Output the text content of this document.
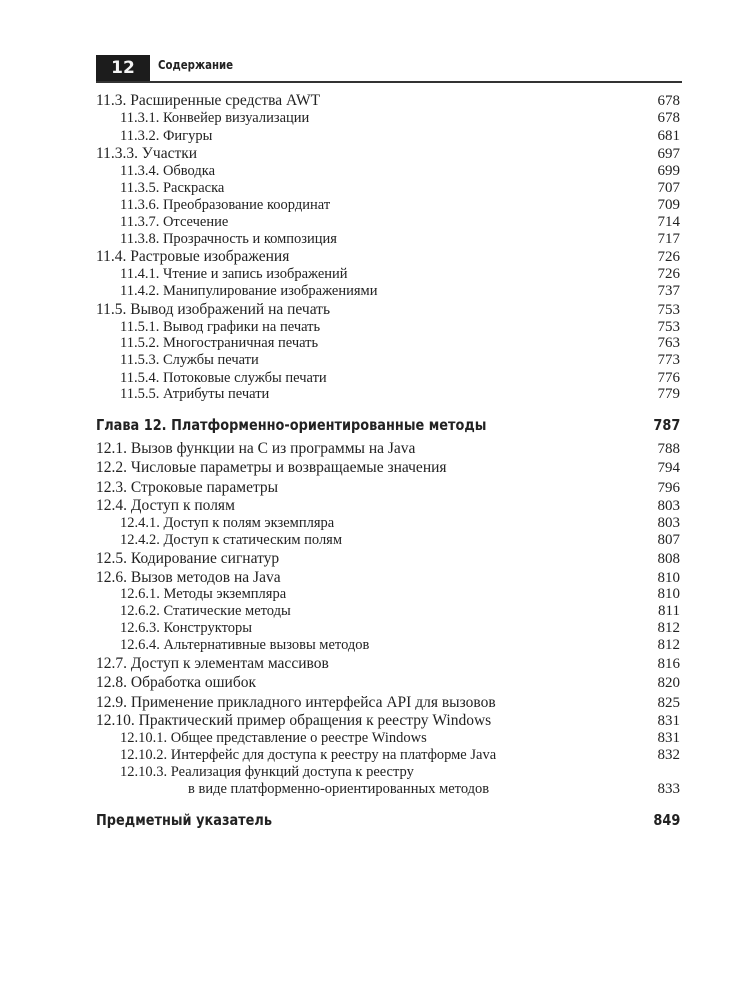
12	Содержание
11.3. Расширенные средства AWT	678
11.3.1. Конвейер визуализации	678
11.3.2. Фигуры	681
11.3.3. Участки	697
11.3.4. Обводка	699
11.3.5. Раскраска	707
11.3.6. Преобразование координат	709
11.3.7. Отсечение	714
11.3.8. Прозрачность и композиция	717
11.4. Растровые изображения	726
11.4.1. Чтение и запись изображений	726
11.4.2. Манипулирование изображениями	737
11.5. Вывод изображений на печать	753
11.5.1. Вывод графики на печать	753
11.5.2. Многостраничная печать	763
11.5.3. Службы печати	773
11.5.4. Потоковые службы печати	776
11.5.5. Атрибуты печати	779
Глава 12. Платформенно-ориентированные методы	787
12.1. Вызов функции на С из программы на Java	788
12.2. Числовые параметры и возвращаемые значения	794
12.3. Строковые параметры	796
12.4. Доступ к полям	803
12.4.1. Доступ к полям экземпляра	803
12.4.2. Доступ к статическим полям	807
12.5. Кодирование сигнатур	808
12.6. Вызов методов на Java	810
12.6.1. Методы экземпляра	810
12.6.2. Статические методы	811
12.6.3. Конструкторы	812
12.6.4. Альтернативные вызовы методов	812
12.7. Доступ к элементам массивов	816
12.8. Обработка ошибок	820
12.9. Применение прикладного интерфейса API для вызовов	825
12.10. Практический пример обращения к реестру Windows	831
12.10.1. Общее представление о реестре Windows	831
12.10.2. Интерфейс для доступа к реестру на платформе Java	832
12.10.3. Реализация функций доступа к реестру
в виде платформенно-ориентированных методов	833
Предметный указатель	849
